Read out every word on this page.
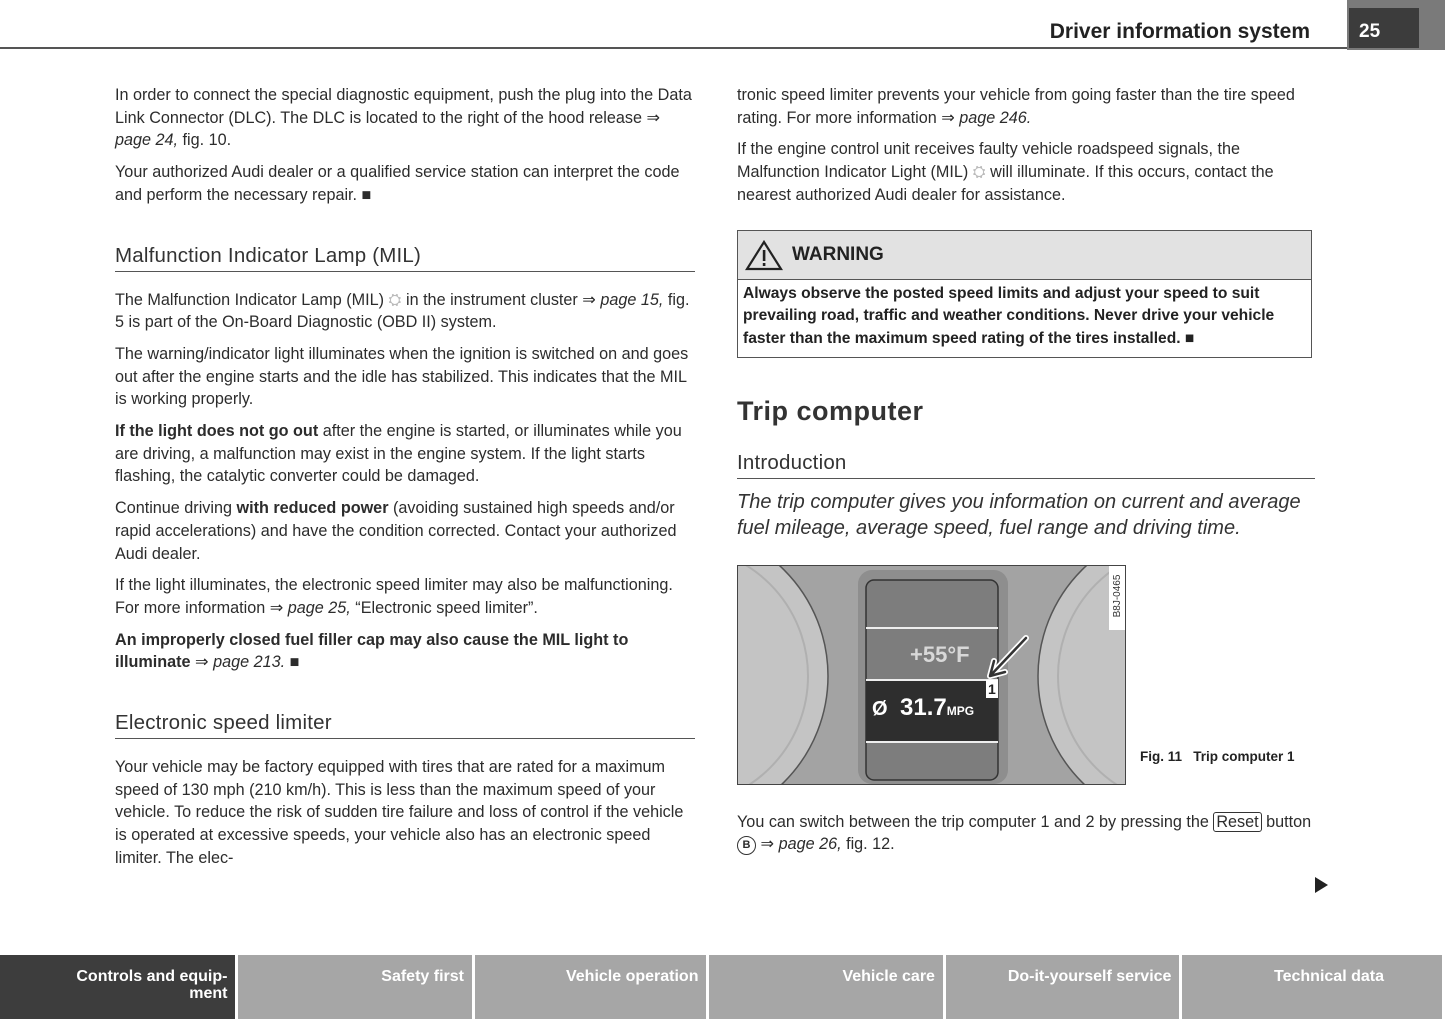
Driver information system	25

In order to connect the special diagnostic equipment, push the plug into the Data Link Connector (DLC). The DLC is located to the right of the hood release ⇒ page 24, fig. 10.

Your authorized Audi dealer or a qualified service station can interpret the code and perform the necessary repair. ■

Malfunction Indicator Lamp (MIL)

The Malfunction Indicator Lamp (MIL) ⛭ in the instrument cluster ⇒ page 15, fig. 5 is part of the On-Board Diagnostic (OBD II) system.

The warning/indicator light illuminates when the ignition is switched on and goes out after the engine starts and the idle has stabilized. This indicates that the MIL is working properly.

If the light does not go out after the engine is started, or illuminates while you are driving, a malfunction may exist in the engine system. If the light starts flashing, the catalytic converter could be damaged.

Continue driving with reduced power (avoiding sustained high speeds and/or rapid accelerations) and have the condition corrected. Contact your authorized Audi dealer.

If the light illuminates, the electronic speed limiter may also be malfunctioning. For more information ⇒ page 25, “Electronic speed limiter”.

An improperly closed fuel filler cap may also cause the MIL light to illuminate ⇒ page 213. ■

Electronic speed limiter

Your vehicle may be factory equipped with tires that are rated for a maximum speed of 130 mph (210 km/h). This is less than the maximum speed of your vehicle. To reduce the risk of sudden tire failure and loss of control if the vehicle is operated at excessive speeds, your vehicle also has an electronic speed limiter. The elec-

tronic speed limiter prevents your vehicle from going faster than the tire speed rating. For more information ⇒ page 246.

If the engine control unit receives faulty vehicle roadspeed signals, the Malfunction Indicator Light (MIL) ⛭ will illuminate. If this occurs, contact the nearest authorized Audi dealer for assistance.

WARNING
Always observe the posted speed limits and adjust your speed to suit prevailing road, traffic and weather conditions. Never drive your vehicle faster than the maximum speed rating of the tires installed. ■
Trip computer
Introduction
The trip computer gives you information on current and average fuel mileage, average speed, fuel range and driving time.
+55°F
Ø 31.7MPG
1
B8J-0465
Fig. 11 Trip computer 1

You can switch between the trip computer 1 and 2 by pressing the Reset button B ⇒ page 26, fig. 12.

Controls and equip-ment
Safety first	Vehicle operation	Vehicle care	Do-it-yourself service	Technical data
